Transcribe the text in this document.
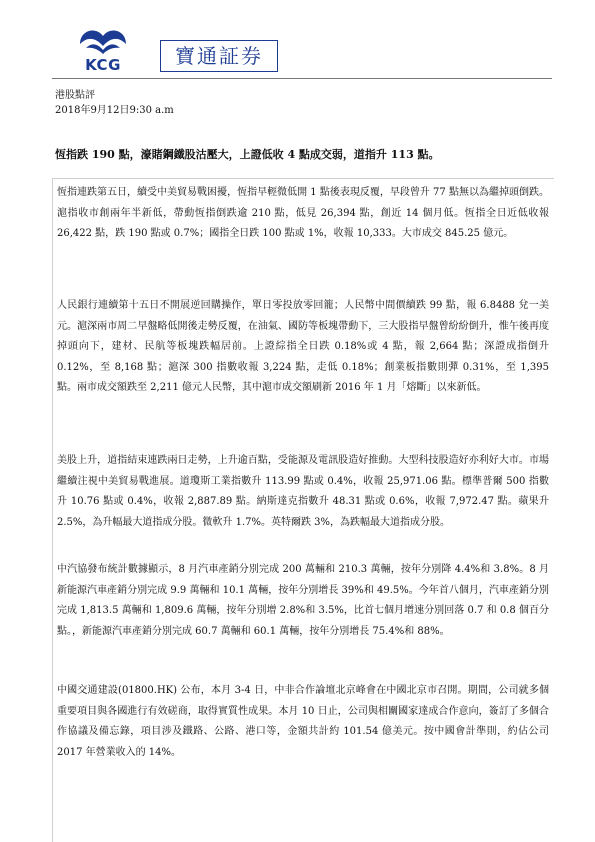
KCG	寶通証券
港股點評
2018年9月12日9:30 a.m
恆指跌 190 點，濠賭鋼鐵股沽壓大，上證低收 4 點成交弱，道指升 113 點。

恆指連跌第五日，續受中美貿易戰困擾，恆指早輕微低開 1 點後表現反覆，早段曾升 77 點無以為繼掉頭倒跌。滬指收市創兩年半新低，帶動恆指倒跌逾 210 點，低見 26,394 點，創近 14 個月低。恆指全日近低收報 26,422 點，跌 190 點或 0.7%；國指全日跌 100 點或 1%，收報 10,333。大市成交 845.25 億元。

人民銀行連續第十五日不開展逆回購操作，單日零投放零回籠；人民幣中間價續跌 99 點，報 6.8488 兌一美元。滬深兩市周二早盤略低開後走勢反覆，在油氣、國防等板塊帶動下，三大股指早盤曾紛紛倒升，惟午後再度掉頭向下，建材、民航等板塊跌幅居前。上證綜指全日跌 0.18%或 4 點，報 2,664 點；深證成指倒升 0.12%，至 8,168 點；滬深 300 指數收報 3,224 點，走低 0.18%；創業板指數則彈 0.31%，至 1,395 點。兩市成交額跌至 2,211 億元人民幣，其中滬市成交額刷新 2016 年 1 月「熔斷」以來新低。

美股上升，道指結束連跌兩日走勢，上升逾百點，受能源及電訊股造好推動。大型科技股造好亦利好大市。市場繼續注視中美貿易戰進展。道瓊斯工業指數升 113.99 點或 0.4%，收報 25,971.06 點。標準普爾 500 指數升 10.76 點或 0.4%，收報 2,887.89 點。納斯達克指數升 48.31 點或 0.6%，收報 7,972.47 點。蘋果升 2.5%，為升幅最大道指成分股。微軟升 1.7%。英特爾跌 3%，為跌幅最大道指成分股。

中汽協發布統計數據顯示，8 月汽車產銷分別完成 200 萬輛和 210.3 萬輛，按年分別降 4.4%和 3.8%。8 月新能源汽車產銷分別完成 9.9 萬輛和 10.1 萬輛，按年分別增長 39%和 49.5%。今年首八個月，汽車產銷分別完成 1,813.5 萬輛和 1,809.6 萬輛，按年分別增 2.8%和 3.5%，比首七個月增速分別回落 0.7 和 0.8 個百分點。，新能源汽車產銷分別完成 60.7 萬輛和 60.1 萬輛，按年分別增長 75.4%和 88%。

中國交通建設(01800.HK) 公布，本月 3-4 日，中非合作論壇北京峰會在中國北京市召開。期間，公司就多個重要項目與各國進行有效磋商，取得實質性成果。本月 10 日止，公司與相關國家達成合作意向，簽訂了多個合作協議及備忘錄，項目涉及鐵路、公路、港口等，金額共計約 101.54 億美元。按中國會計準則，約佔公司 2017 年營業收入的 14%。
